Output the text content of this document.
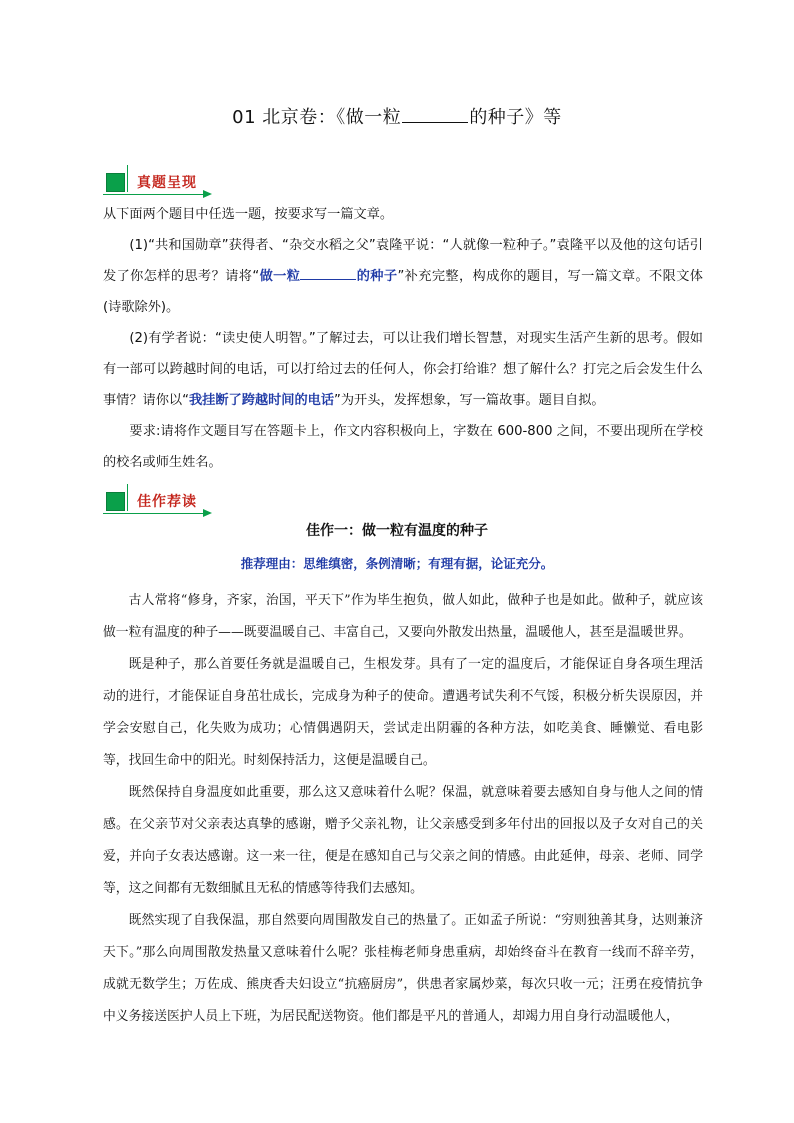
01 北京卷：《做一粒	的种子》等
真题呈现

从下面两个题目中任选一题，按要求写一篇文章。

(1)“共和国勋章”获得者、“杂交水稻之父”袁隆平说：“人就像一粒种子。”袁隆平以及他的这句话引发了你怎样的思考？请将“做一粒	的种子”补充完整，构成你的题目，写一篇文章。不限文体(诗歌除外)。

(2)有学者说：“读史使人明智。”了解过去，可以让我们增长智慧，对现实生活产生新的思考。假如有一部可以跨越时间的电话，可以打给过去的任何人，你会打给谁？想了解什么？打完之后会发生什么事情？请你以“我挂断了跨越时间的电话”为开头，发挥想象，写一篇故事。题目自拟。

要求:请将作文题目写在答题卡上，作文内容积极向上，字数在 600-800 之间，不要出现所在学校的校名或师生姓名。

佳作荐读
佳作一：做一粒有温度的种子
推荐理由：思维缜密，条例清晰；有理有据，论证充分。

古人常将“修身，齐家，治国，平天下”作为毕生抱负，做人如此，做种子也是如此。做种子，就应该做一粒有温度的种子——既要温暖自己、丰富自己，又要向外散发出热量，温暖他人，甚至是温暖世界。

既是种子，那么首要任务就是温暖自己，生根发芽。具有了一定的温度后，才能保证自身各项生理活动的进行，才能保证自身茁壮成长，完成身为种子的使命。遭遇考试失利不气馁，积极分析失误原因，并学会安慰自己，化失败为成功；心情偶遇阴天，尝试走出阴霾的各种方法，如吃美食、睡懒觉、看电影等，找回生命中的阳光。时刻保持活力，这便是温暖自己。

既然保持自身温度如此重要，那么这又意味着什么呢？保温，就意味着要去感知自身与他人之间的情感。在父亲节对父亲表达真挚的感谢，赠予父亲礼物，让父亲感受到多年付出的回报以及子女对自己的关爱，并向子女表达感谢。这一来一往，便是在感知自己与父亲之间的情感。由此延伸，母亲、老师、同学等，这之间都有无数细腻且无私的情感等待我们去感知。

既然实现了自我保温，那自然要向周围散发自己的热量了。正如孟子所说：“穷则独善其身，达则兼济天下。”那么向周围散发热量又意味着什么呢？张桂梅老师身患重病，却始终奋斗在教育一线而不辞辛劳，成就无数学生；万佐成、熊庚香夫妇设立“抗癌厨房”，供患者家属炒菜，每次只收一元；汪勇在疫情抗争中义务接送医护人员上下班，为居民配送物资。他们都是平凡的普通人，却竭力用自身行动温暖他人，
